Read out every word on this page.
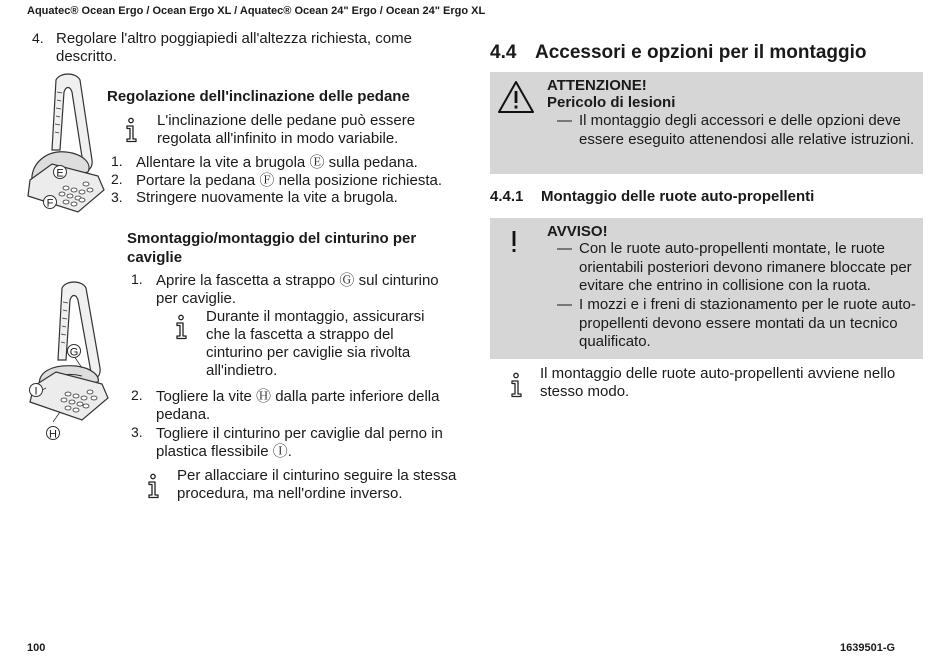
Aquatec® Ocean Ergo / Ocean Ergo XL / Aquatec® Ocean 24" Ergo / Ocean 24" Ergo XL
4. Regolare l'altro poggiapiedi all'altezza richiesta, come descritto.
E
F
Regolazione dell'inclinazione delle pedane
L'inclinazione delle pedane può essere regolata all'infinito in modo variabile.
1. Allentare la vite a brugola Ⓔ sulla pedana.
2. Portare la pedana Ⓕ nella posizione richiesta.
3. Stringere nuovamente la vite a brugola.
Smontaggio/montaggio del cinturino per caviglie
G
I
H
1. Aprire la fascetta a strappo Ⓖ sul cinturino per caviglie.
Durante il montaggio, assicurarsi che la fascetta a strappo del cinturino per caviglie sia rivolta all'indietro.
2. Togliere la vite Ⓗ dalla parte inferiore della pedana.
3. Togliere il cinturino per caviglie dal perno in plastica flessibile Ⓘ.
Per allacciare il cinturino seguire la stessa procedura, ma nell'ordine inverso.
4.4 Accessori e opzioni per il montaggio
ATTENZIONE!
Pericolo di lesioni
— Il montaggio degli accessori e delle opzioni deve essere eseguito attenendosi alle relative istruzioni.
4.4.1 Montaggio delle ruote auto-propellenti
AVVISO!
— Con le ruote auto-propellenti montate, le ruote orientabili posteriori devono rimanere bloccate per evitare che entrino in collisione con la ruota.
— I mozzi e i freni di stazionamento per le ruote auto-propellenti devono essere montati da un tecnico qualificato.
Il montaggio delle ruote auto-propellenti avviene nello stesso modo.
100	1639501-G
